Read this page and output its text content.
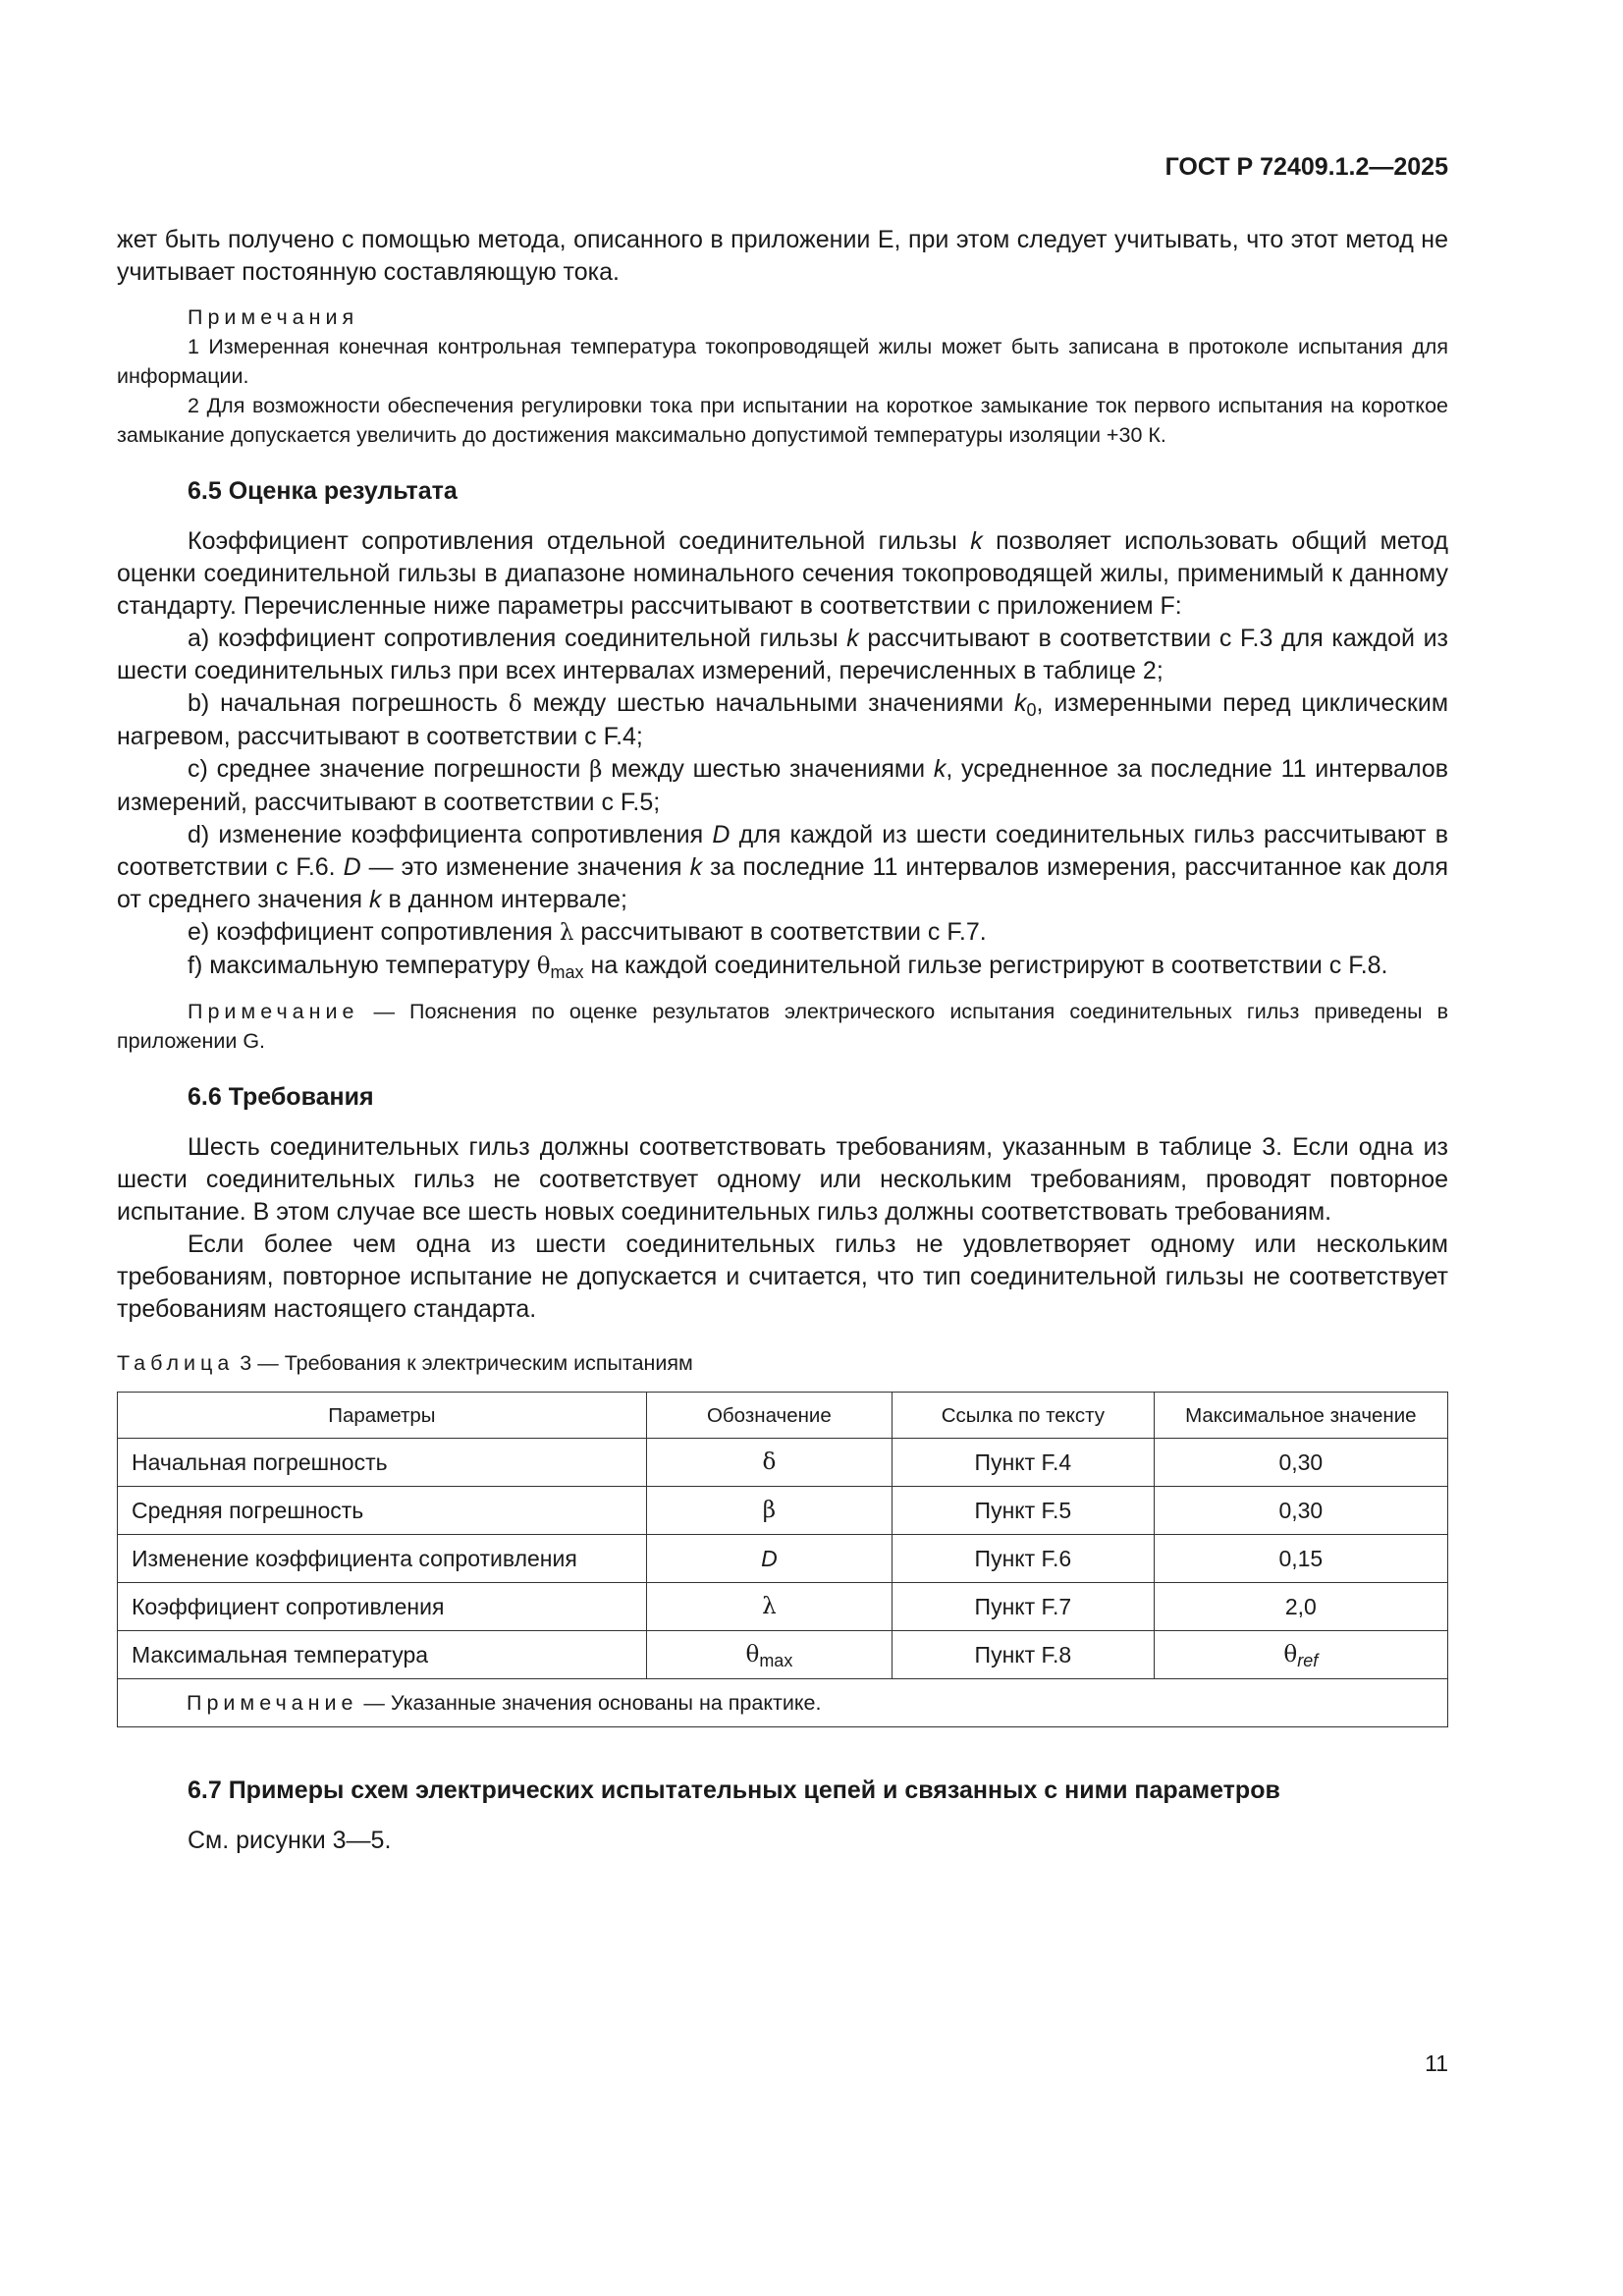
ГОСТ Р 72409.1.2—2025

жет быть получено с помощью метода, описанного в приложении Е, при этом следует учитывать, что этот метод не учитывает постоянную составляющую тока.

Примечания

1 Измеренная конечная контрольная температура токопроводящей жилы может быть записана в протоколе испытания для информации.

2 Для возможности обеспечения регулировки тока при испытании на короткое замыкание ток первого испытания на короткое замыкание допускается увеличить до достижения максимально допустимой температуры изоляции +30 К.

6.5 Оценка результата

Коэффициент сопротивления отдельной соединительной гильзы k позволяет использовать общий метод оценки соединительной гильзы в диапазоне номинального сечения токопроводящей жилы, применимый к данному стандарту. Перечисленные ниже параметры рассчитывают в соответствии с приложением F:

а) коэффициент сопротивления соединительной гильзы k рассчитывают в соответствии с F.3 для каждой из шести соединительных гильз при всех интервалах измерений, перечисленных в таблице 2;

b) начальная погрешность δ между шестью начальными значениями $k_0$, измеренными перед циклическим нагревом, рассчитывают в соответствии с F.4;

c) среднее значение погрешности β между шестью значениями k, усредненное за последние 11 интервалов измерений, рассчитывают в соответствии с F.5;

d) изменение коэффициента сопротивления D для каждой из шести соединительных гильз рассчитывают в соответствии с F.6. D — это изменение значения k за последние 11 интервалов измерения, рассчитанное как доля от среднего значения k в данном интервале;

е) коэффициент сопротивления λ рассчитывают в соответствии с F.7.

f) максимальную температуру $\theta_{max}$ на каждой соединительной гильзе регистрируют в соответствии с F.8.

Примечание — Пояснения по оценке результатов электрического испытания соединительных гильз приведены в приложении G.

6.6 Требования

Шесть соединительных гильз должны соответствовать требованиям, указанным в таблице 3. Если одна из шести соединительных гильз не соответствует одному или нескольким требованиям, проводят повторное испытание. В этом случае все шесть новых соединительных гильз должны соответствовать требованиям.

Если более чем одна из шести соединительных гильз не удовлетворяет одному или нескольким требованиям, повторное испытание не допускается и считается, что тип соединительной гильзы не соответствует требованиям настоящего стандарта.

Таблица 3 — Требования к электрическим испытаниям
Параметры	Обозначение	Ссылка по тексту	Максимальное значение
Начальная погрешность	δ	Пункт F.4	0,30
Средняя погрешность	β	Пункт F.5	0,30
Изменение коэффициента сопротивления	D	Пункт F.6	0,15
Коэффициент сопротивления	λ	Пункт F.7	2,0
Максимальная температура	$\theta_{max}$	Пункт F.8	$\theta_{ref}$
Примечание — Указанные значения основаны на практике.			
6.7 Примеры схем электрических испытательных цепей и связанных с ними параметров

См. рисунки 3—5.

11
